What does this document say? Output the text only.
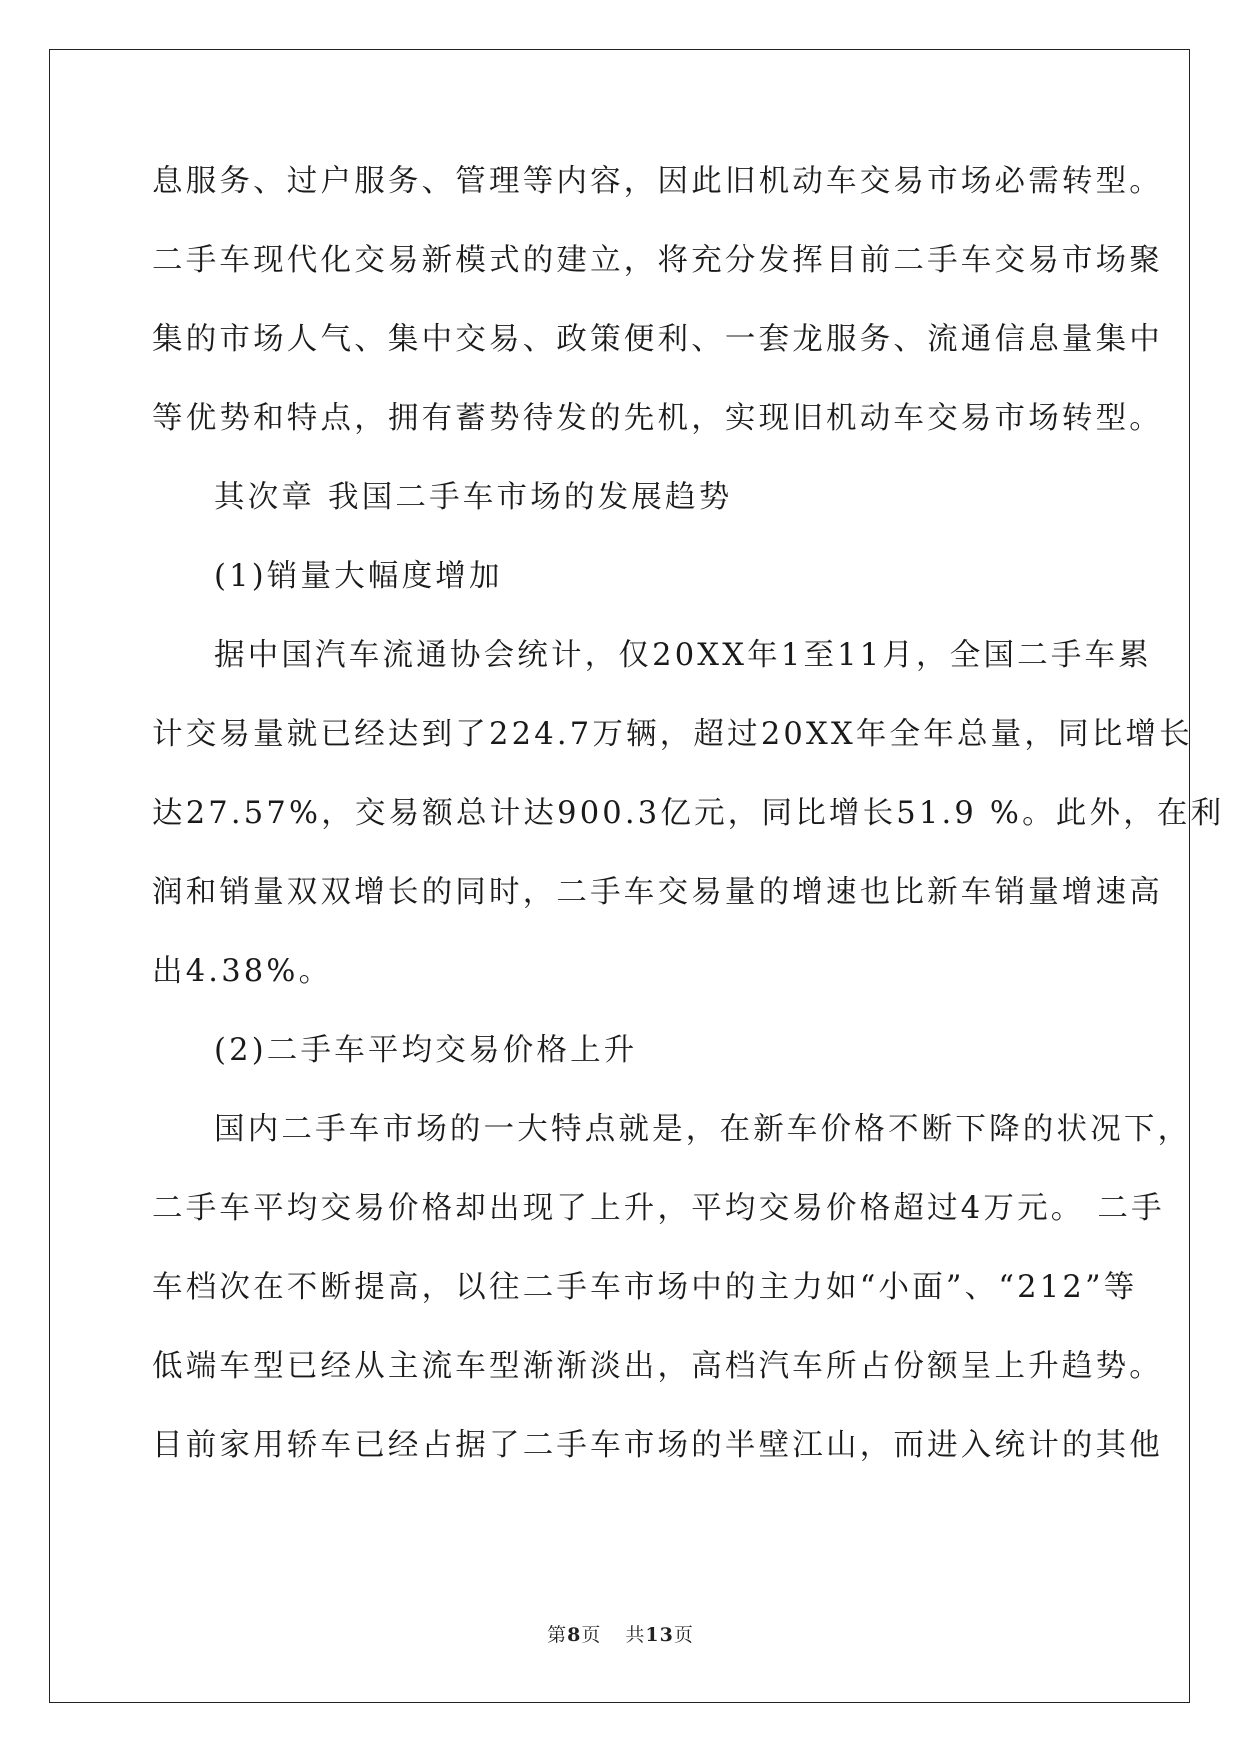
息服务、过户服务、管理等内容，因此旧机动车交易市场必需转型。
二手车现代化交易新模式的建立，将充分发挥目前二手车交易市场聚
集的市场人气、集中交易、政策便利、一套龙服务、流通信息量集中
等优势和特点，拥有蓄势待发的先机，实现旧机动车交易市场转型。
其次章 我国二手车市场的发展趋势
(1)销量大幅度增加
据中国汽车流通协会统计，仅20XX年1至11月，全国二手车累
计交易量就已经达到了224.7万辆，超过20XX年全年总量，同比增长
达27.57%，交易额总计达900.3亿元，同比增长51.9 %。此外，在利
润和销量双双增长的同时，二手车交易量的增速也比新车销量增速高
出4.38%。
(2)二手车平均交易价格上升
国内二手车市场的一大特点就是，在新车价格不断下降的状况下，
二手车平均交易价格却出现了上升，平均交易价格超过4万元。 二手
车档次在不断提高，以往二手车市场中的主力如“小面”、“212”等
低端车型已经从主流车型渐渐淡出，高档汽车所占份额呈上升趋势。
目前家用轿车已经占据了二手车市场的半壁江山，而进入统计的其他
第8页 共13页
